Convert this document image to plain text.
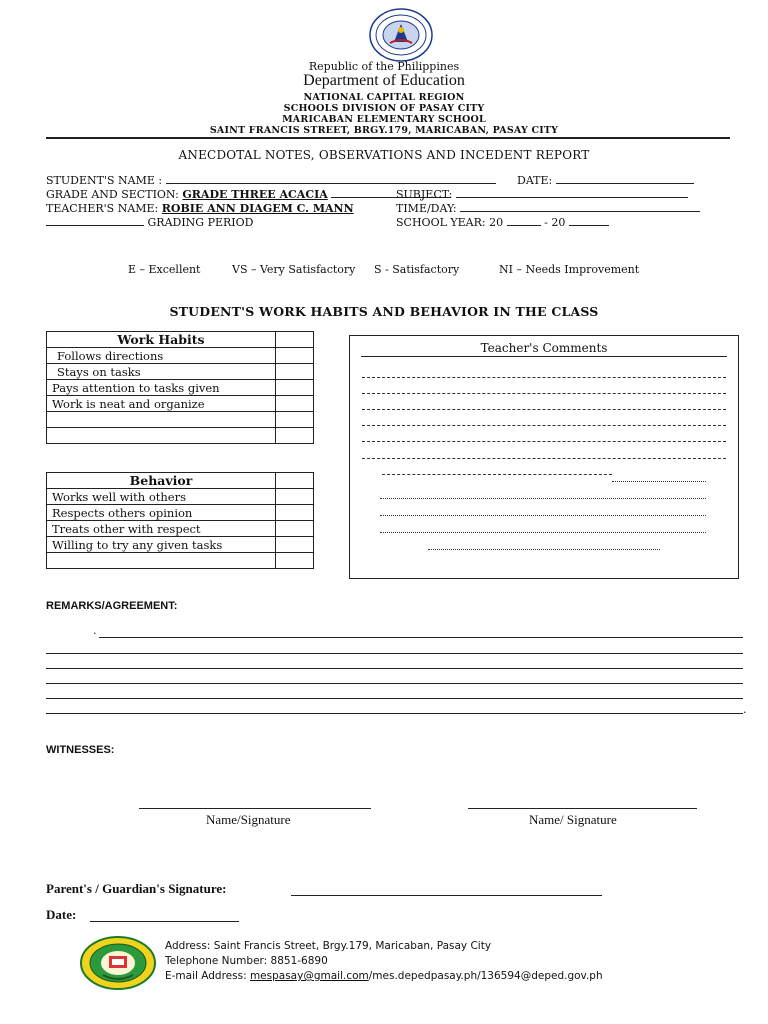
Republic of the Philippines
Department of Education
NATIONAL CAPITAL REGION
SCHOOLS DIVISION OF PASAY CITY
MARICABAN ELEMENTARY SCHOOL
SAINT FRANCIS STREET, BRGY.179, MARICABAN, PASAY CITY
ANECDOTAL NOTES, OBSERVATIONS AND INCEDENT REPORT
STUDENT'S NAME :	DATE:
GRADE AND SECTION: GRADE THREE ACACIA	SUBJECT:
TEACHER'S NAME: ROBIE ANN DIAGEM C. MANN	TIME/DAY:
GRADING PERIOD	SCHOOL YEAR: 20	- 20
E – Excellent	VS – Very Satisfactory S - Satisfactory	NI – Needs Improvement
STUDENT'S WORK HABITS AND BEHAVIOR IN THE CLASS
Work Habits	
Follows directions	
Stays on tasks	
Pays attention to tasks given	
Work is neat and organize	

Behavior	
Works well with others	
Respects others opinion	
Treats other with respect	
Willing to try any given tasks	

Teacher's Comments
REMARKS/AGREEMENT:
.
.
WITNESSES:
Name/Signature	Name/ Signature
Parent's / Guardian's Signature:
Date:
Address: Saint Francis Street, Brgy.179, Maricaban, Pasay City
Telephone Number: 8851-6890
E-mail Address: mespasay@gmail.com/mes.depedpasay.ph/136594@deped.gov.ph
